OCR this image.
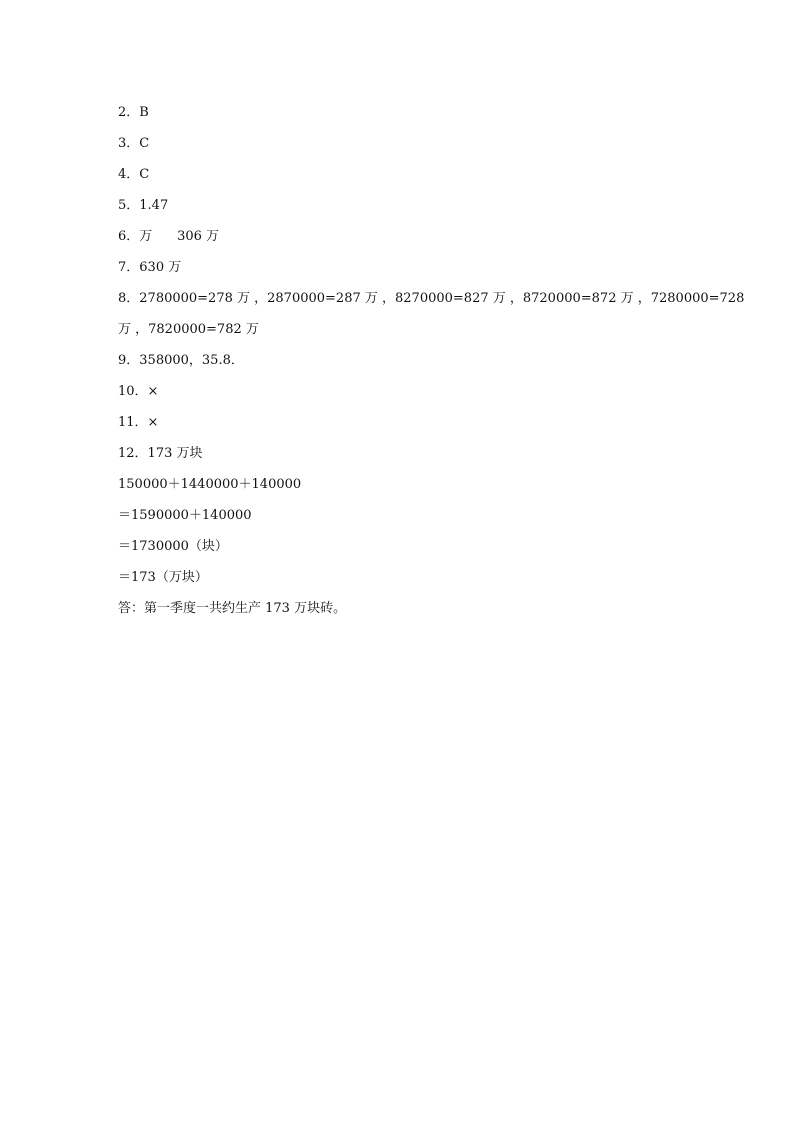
2．B
3．C
4．C
5．1.47
6．万      306 万
7．630 万
8．2780000=278 万 ，2870000=287 万 ，8270000=827 万 ，8720000=872 万 ，7280000=728
万 ，7820000=782 万
9．358000，35.8．
10．×
11．×
12．173 万块
150000＋1440000＋140000
＝1590000＋140000
＝1730000（块）
＝173（万块）
答：第一季度一共约生产 173 万块砖。
